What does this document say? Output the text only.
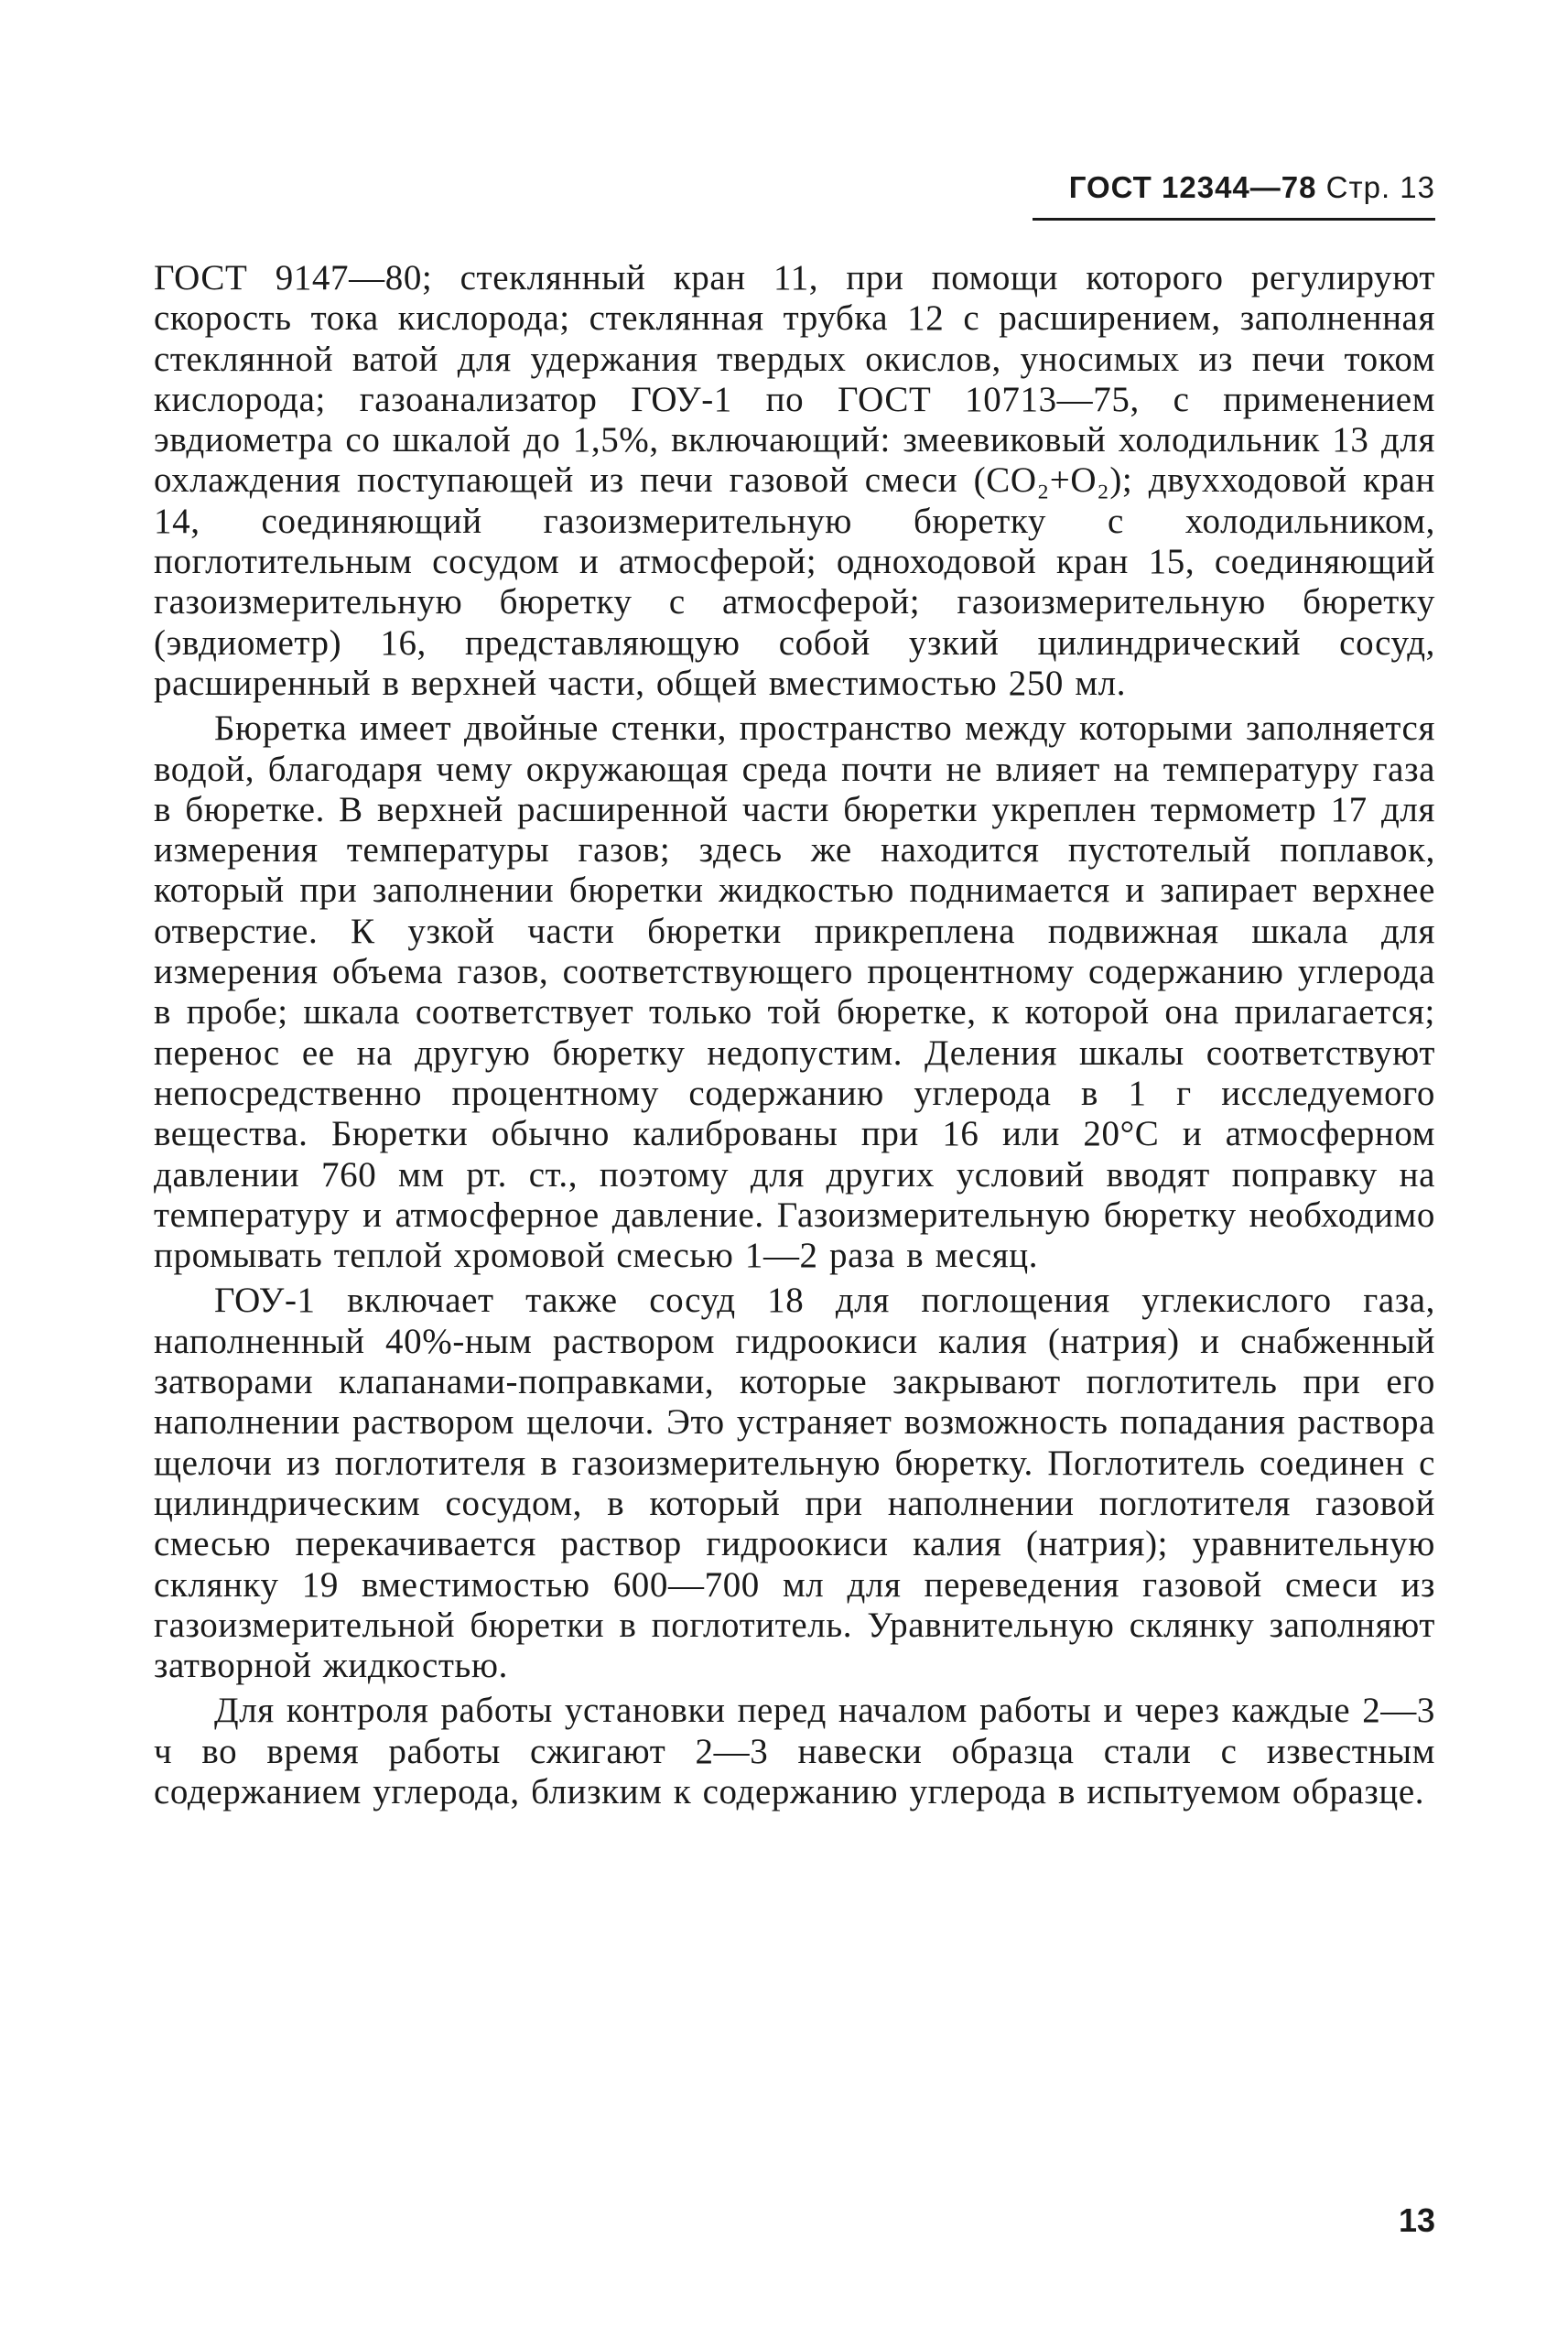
ГОСТ 12344—78 Стр. 13

ГОСТ 9147—80; стеклянный кран 11, при помощи которого регулируют скорость тока кислорода; стеклянная трубка 12 с расширением, заполненная стеклянной ватой для удержания твердых окислов, уносимых из печи током кислорода; газоанализатор ГОУ-1 по ГОСТ 10713—75, с применением эвдиометра со шкалой до 1,5%, включающий: змеевиковый холодильник 13 для охлаждения поступающей из печи газовой смеси (CO₂+O₂); двухходовой кран 14, соединяющий газоизмерительную бюретку с холодильником, поглотительным сосудом и атмосферой; одноходовой кран 15, соединяющий газоизмерительную бюретку с атмосферой; газоизмерительную бюретку (эвдиометр) 16, представляющую собой узкий цилиндрический сосуд, расширенный в верхней части, общей вместимостью 250 мл.

Бюретка имеет двойные стенки, пространство между которыми заполняется водой, благодаря чему окружающая среда почти не влияет на температуру газа в бюретке. В верхней расширенной части бюретки укреплен термометр 17 для измерения температуры газов; здесь же находится пустотелый поплавок, который при заполнении бюретки жидкостью поднимается и запирает верхнее отверстие. К узкой части бюретки прикреплена подвижная шкала для измерения объема газов, соответствующего процентному содержанию углерода в пробе; шкала соответствует только той бюретке, к которой она прилагается; перенос ее на другую бюретку недопустим. Деления шкалы соответствуют непосредственно процентному содержанию углерода в 1 г исследуемого вещества. Бюретки обычно калиброваны при 16 или 20°С и атмосферном давлении 760 мм рт. ст., поэтому для других условий вводят поправку на температуру и атмосферное давление. Газоизмерительную бюретку необходимо промывать теплой хромовой смесью 1—2 раза в месяц.

ГОУ-1 включает также сосуд 18 для поглощения углекислого газа, наполненный 40%-ным раствором гидроокиси калия (натрия) и снабженный затворами клапанами-поправками, которые закрывают поглотитель при его наполнении раствором щелочи. Это устраняет возможность попадания раствора щелочи из поглотителя в газоизмерительную бюретку. Поглотитель соединен с цилиндрическим сосудом, в который при наполнении поглотителя газовой смесью перекачивается раствор гидроокиси калия (натрия); уравнительную склянку 19 вместимостью 600—700 мл для переведения газовой смеси из газоизмерительной бюретки в поглотитель. Уравнительную склянку заполняют затворной жидкостью.

Для контроля работы установки перед началом работы и через каждые 2—3 ч во время работы сжигают 2—3 навески образца стали с известным содержанием углерода, близким к содержанию углерода в испытуемом образце.

13
